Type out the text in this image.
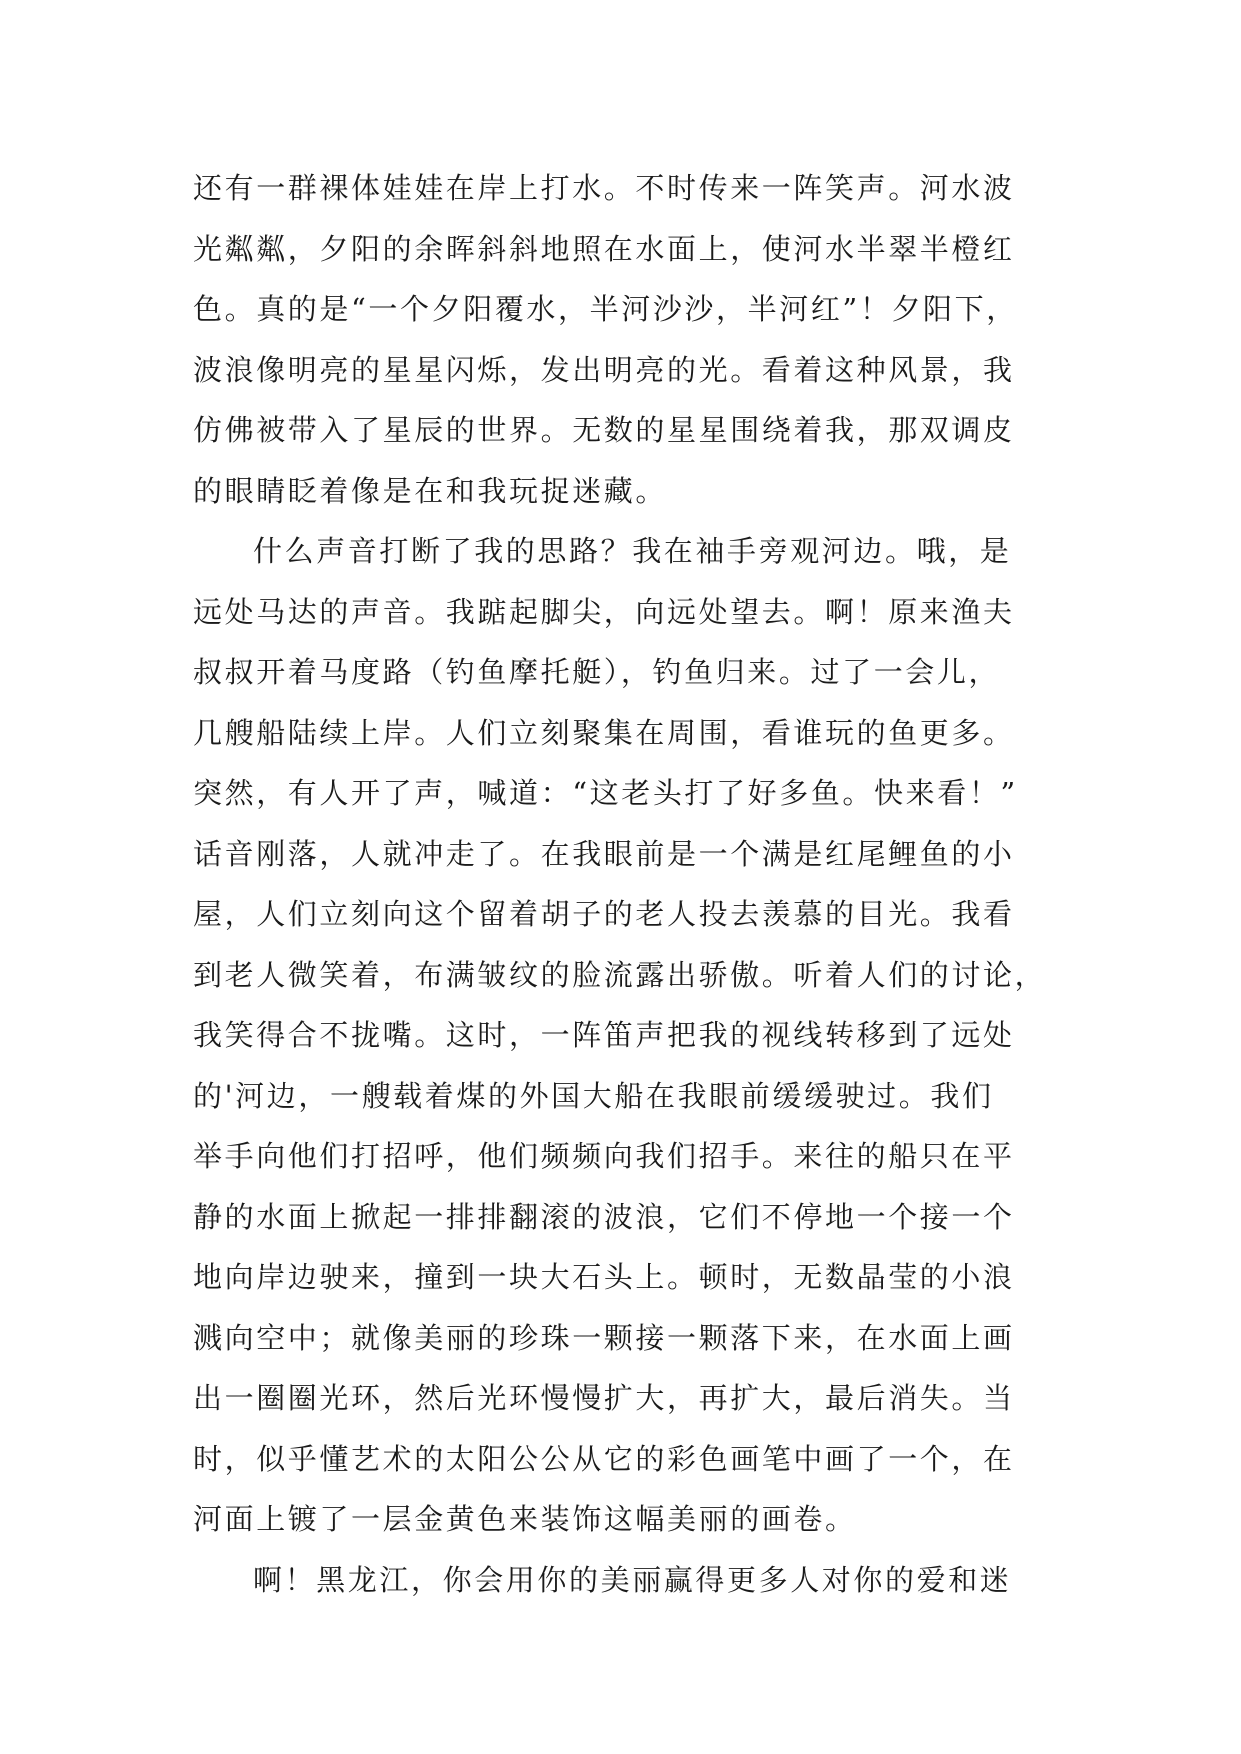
还有一群裸体娃娃在岸上打水。不时传来一阵笑声。河水波
光粼粼，夕阳的余晖斜斜地照在水面上，使河水半翠半橙红
色。真的是“一个夕阳覆水，半河沙沙，半河红”！夕阳下，
波浪像明亮的星星闪烁，发出明亮的光。看着这种风景，我
仿佛被带入了星辰的世界。无数的星星围绕着我，那双调皮
的眼睛眨着像是在和我玩捉迷藏。
什么声音打断了我的思路？我在袖手旁观河边。哦，是
远处马达的声音。我踮起脚尖，向远处望去。啊！原来渔夫
叔叔开着马度路（钓鱼摩托艇），钓鱼归来。过了一会儿，
几艘船陆续上岸。人们立刻聚集在周围，看谁玩的鱼更多。
突然，有人开了声，喊道：“这老头打了好多鱼。快来看！”
话音刚落，人就冲走了。在我眼前是一个满是红尾鲤鱼的小
屋，人们立刻向这个留着胡子的老人投去羡慕的目光。我看
到老人微笑着，布满皱纹的脸流露出骄傲。听着人们的讨论，
我笑得合不拢嘴。这时，一阵笛声把我的视线转移到了远处
的'河边，一艘载着煤的外国大船在我眼前缓缓驶过。我们
举手向他们打招呼，他们频频向我们招手。来往的船只在平
静的水面上掀起一排排翻滚的波浪，它们不停地一个接一个
地向岸边驶来，撞到一块大石头上。顿时，无数晶莹的小浪
溅向空中；就像美丽的珍珠一颗接一颗落下来，在水面上画
出一圈圈光环，然后光环慢慢扩大，再扩大，最后消失。当
时，似乎懂艺术的太阳公公从它的彩色画笔中画了一个，在
河面上镀了一层金黄色来装饰这幅美丽的画卷。
啊！黑龙江，你会用你的美丽赢得更多人对你的爱和迷
